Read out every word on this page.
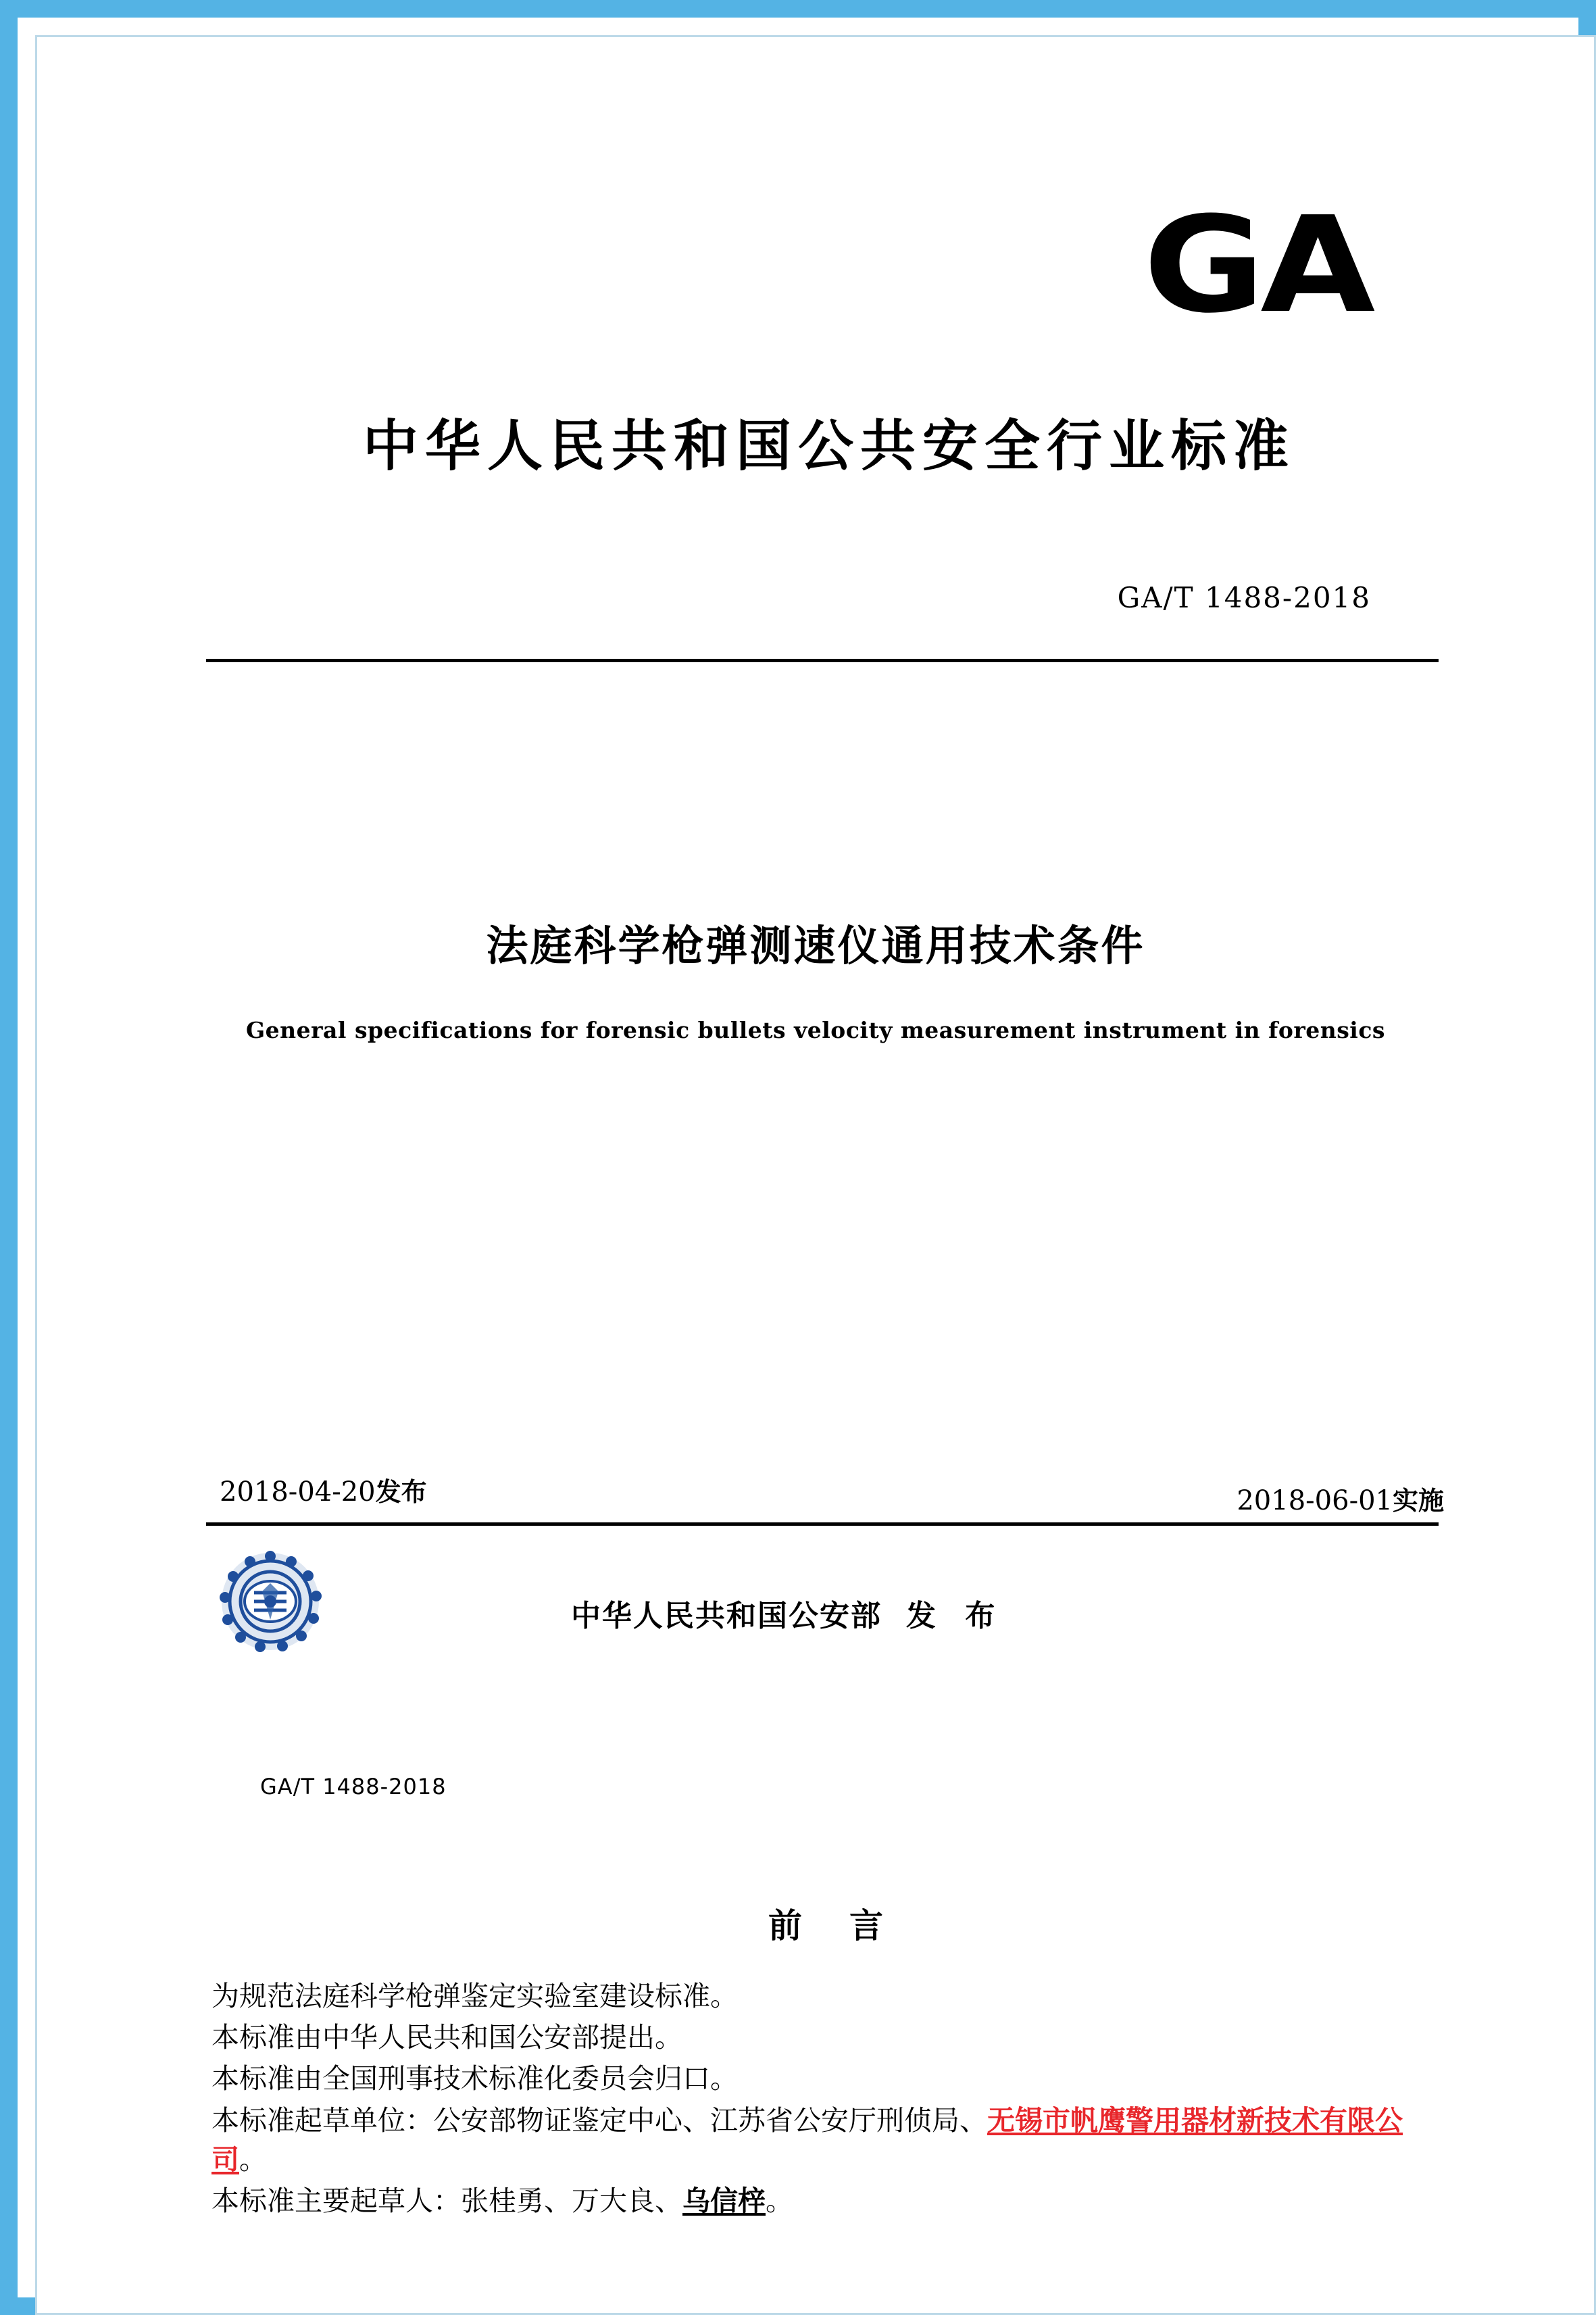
GA
中华人民共和国公共安全行业标准
GA/T 1488-2018
法庭科学枪弹测速仪通用技术条件
General specifications for forensic bullets velocity measurement instrument in forensics
2018-04-20发布	2018-06-01实施
中华人民共和国公安部 发 布
GA/T 1488-2018
前 言

为规范法庭科学枪弹鉴定实验室建设标准。

本标准由中华人民共和国公安部提出。

本标准由全国刑事技术标准化委员会归口。

本标准起草单位：公安部物证鉴定中心、江苏省公安厅刑侦局、无锡市帆鹰警用器材新技术有限公司。

本标准主要起草人：张桂勇、万大良、乌信梓。
